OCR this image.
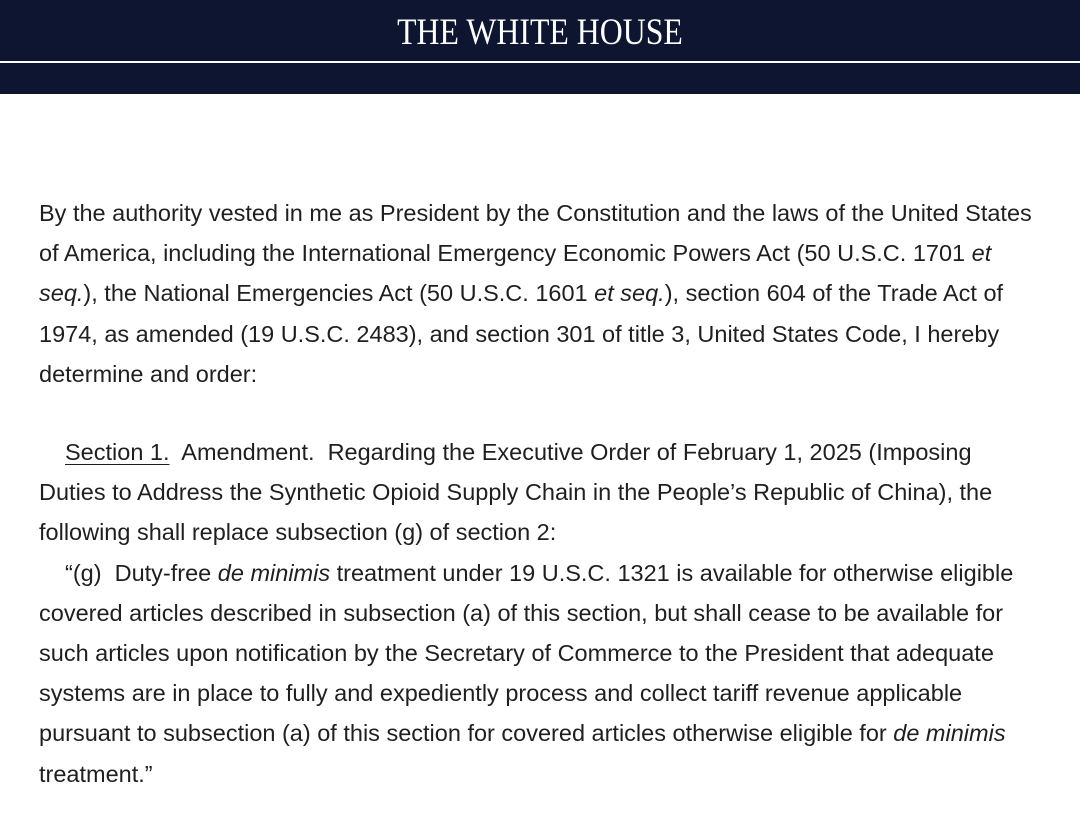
THE WHITE HOUSE

By the authority vested in me as President by the Constitution and the laws of the United States of America, including the International Emergency Economic Powers Act (50 U.S.C. 1701 et seq.), the National Emergencies Act (50 U.S.C. 1601 et seq.), section 604 of the Trade Act of 1974, as amended (19 U.S.C. 2483), and section 301 of title 3, United States Code, I hereby determine and order:

Section 1.  Amendment.  Regarding the Executive Order of February 1, 2025 (Imposing Duties to Address the Synthetic Opioid Supply Chain in the People’s Republic of China), the following shall replace subsection (g) of section 2:

“(g)  Duty-free de minimis treatment under 19 U.S.C. 1321 is available for otherwise eligible covered articles described in subsection (a) of this section, but shall cease to be available for such articles upon notification by the Secretary of Commerce to the President that adequate systems are in place to fully and expediently process and collect tariff revenue applicable pursuant to subsection (a) of this section for covered articles otherwise eligible for de minimis treatment.”
